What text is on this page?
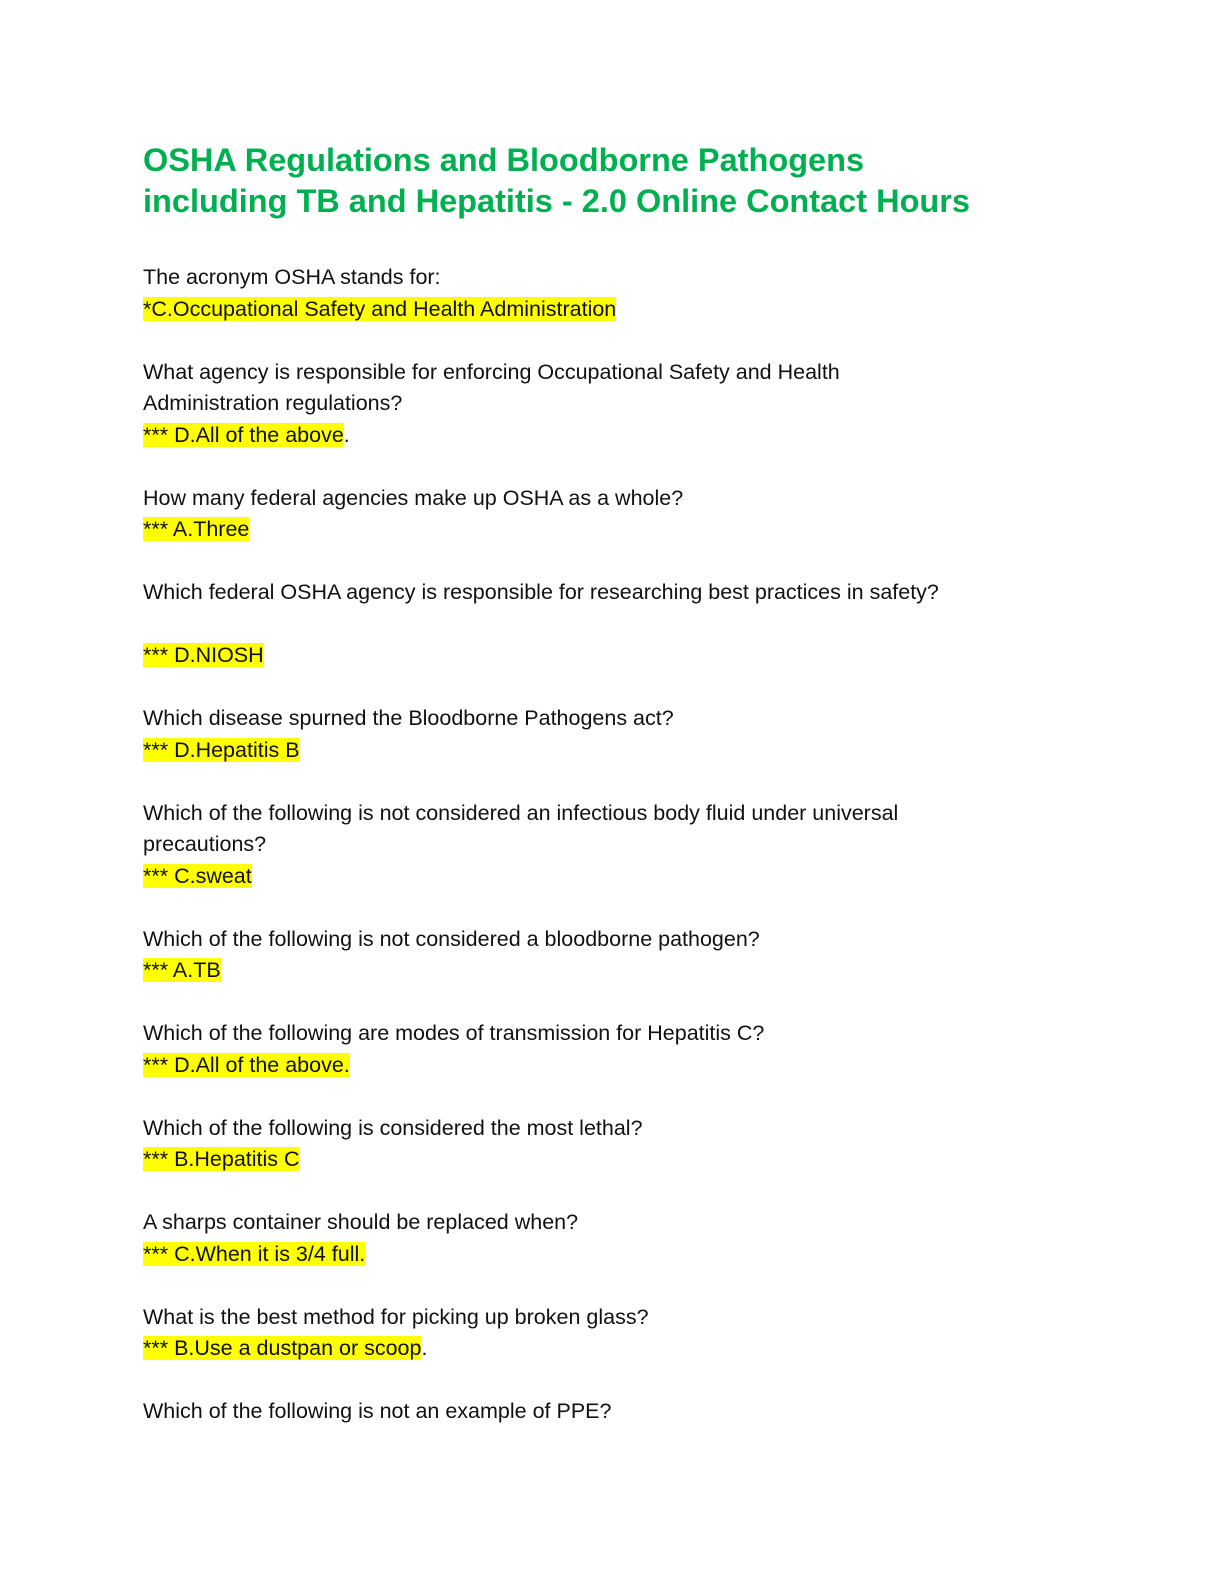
OSHA Regulations and Bloodborne Pathogens
including TB and Hepatitis - 2.0 Online Contact Hours

The acronym OSHA stands for:

*C.Occupational Safety and Health Administration

What agency is responsible for enforcing Occupational Safety and Health

Administration regulations?

*** D.All of the above.

How many federal agencies make up OSHA as a whole?

*** A.Three

Which federal OSHA agency is responsible for researching best practices in safety?

*** D.NIOSH

Which disease spurned the Bloodborne Pathogens act?

*** D.Hepatitis B

Which of the following is not considered an infectious body fluid under universal

precautions?

*** C.sweat

Which of the following is not considered a bloodborne pathogen?

*** A.TB

Which of the following are modes of transmission for Hepatitis C?

*** D.All of the above.

Which of the following is considered the most lethal?

*** B.Hepatitis C

A sharps container should be replaced when?

*** C.When it is 3/4 full.

What is the best method for picking up broken glass?

*** B.Use a dustpan or scoop.

Which of the following is not an example of PPE?
